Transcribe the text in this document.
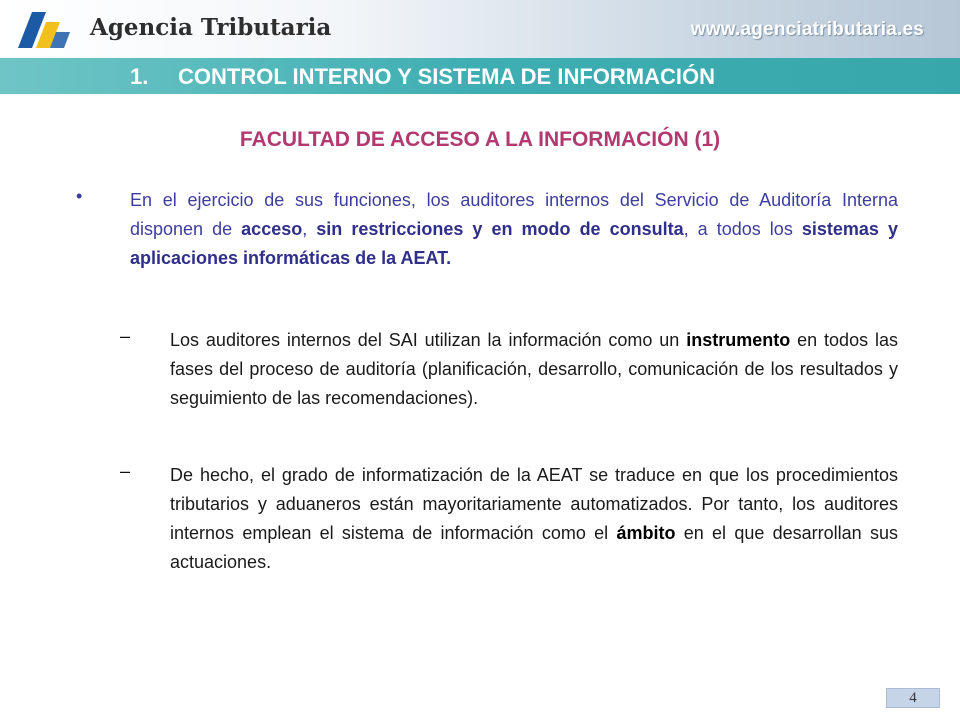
Agencia Tributaria	www.agenciatributaria.es
1. CONTROL INTERNO Y SISTEMA DE INFORMACIÓN
FACULTAD DE ACCESO A LA INFORMACIÓN (1)
•	En el ejercicio de sus funciones, los auditores internos del Servicio de Auditoría Interna disponen de acceso, sin restricciones y en modo de consulta, a todos los sistemas y aplicaciones informáticas de la AEAT.

– Los auditores internos del SAI utilizan la información como un instrumento en todos las fases del proceso de auditoría (planificación, desarrollo, comunicación de los resultados y seguimiento de las recomendaciones).

– De hecho, el grado de informatización de la AEAT se traduce en que los procedimientos tributarios y aduaneros están mayoritariamente automatizados. Por tanto, los auditores internos emplean el sistema de información como el ámbito en el que desarrollan sus actuaciones.

4
